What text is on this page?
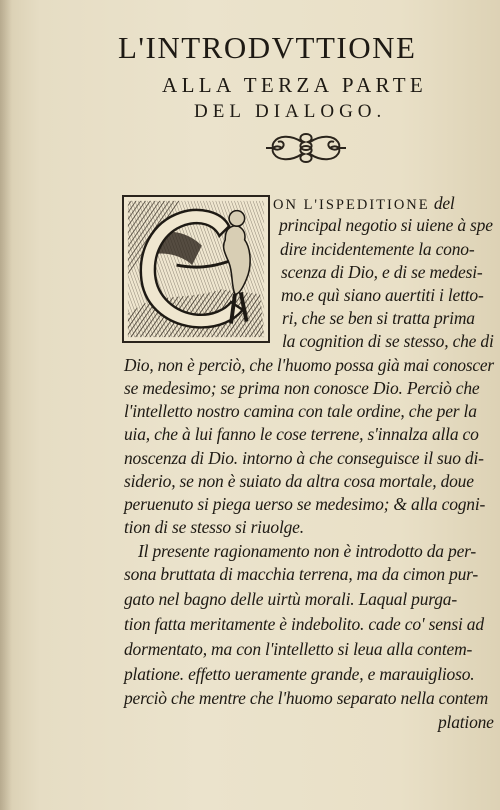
L'INTRODVTTIONE
ALLA TERZA PARTE
DEL DIALOGO.
ON L'ISPEDITIONE del
principal negotio si uiene à spe
dire incidentemente la cono-
scenza di Dio, e di se medesi-
mo.e quì siano auertiti i letto-
ri, che se ben si tratta prima
la cognition di se stesso, che di
Dio, non è perciò, che l'huomo possa già mai conoscer
se medesimo; se prima non conosce Dio. Perciò che
l'intelletto nostro camina con tale ordine, che per la
uia, che à lui fanno le cose terrene, s'innalza alla co
noscenza di Dio. intorno à che conseguisce il suo di-
siderio, se non è suiato da altra cosa mortale, doue
peruenuto si piega uerso se medesimo; & alla cogni-
tion di se stesso si riuolge.
Il presente ragionamento non è introdotto da per-
sona bruttata di macchia terrena, ma da cimon pur-
gato nel bagno delle uirtù morali. Laqual purga-
tion fatta meritamente è indebolito. cade co' sensi ad
dormentato, ma con l'intelletto si leua alla contem-
platione. effetto ueramente grande, e marauiglioso.
perciò che mentre che l'huomo separato nella contem
platione
